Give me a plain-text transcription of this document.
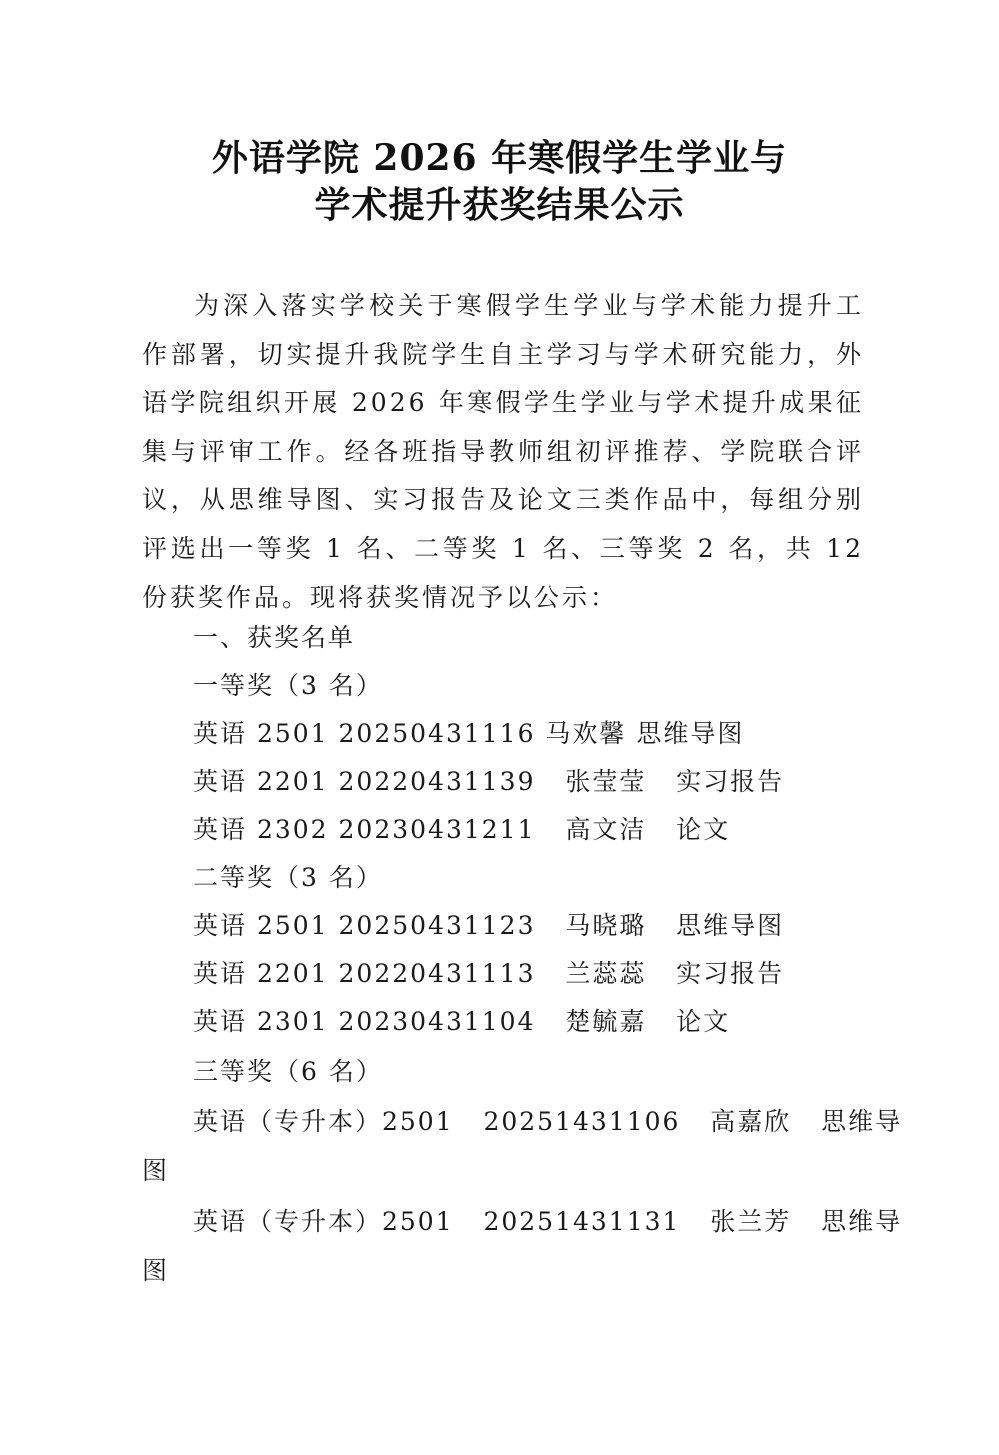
外语学院 2026 年寒假学生学业与
学术提升获奖结果公示
为深入落实学校关于寒假学生学业与学术能力提升工作部署，切实提升我院学生自主学习与学术研究能力，外语学院组织开展 2026 年寒假学生学业与学术提升成果征集与评审工作。经各班指导教师组初评推荐、学院联合评议，从思维导图、实习报告及论文三类作品中，每组分别评选出一等奖 1 名、二等奖 1 名、三等奖 2 名，共 12 份获奖作品。现将获奖情况予以公示：
一、获奖名单
一等奖（3 名）
英语 2501 20250431116 马欢馨 思维导图
英语 2201 20220431139   张莹莹   实习报告
英语 2302 20230431211   高文洁   论文
二等奖（3 名）
英语 2501 20250431123   马晓璐   思维导图
英语 2201 20220431113   兰蕊蕊   实习报告
英语 2301 20230431104   楚毓嘉   论文
三等奖（6 名）
英语（专升本）2501   20251431106   高嘉欣   思维导
图
英语（专升本）2501   20251431131   张兰芳   思维导
图
